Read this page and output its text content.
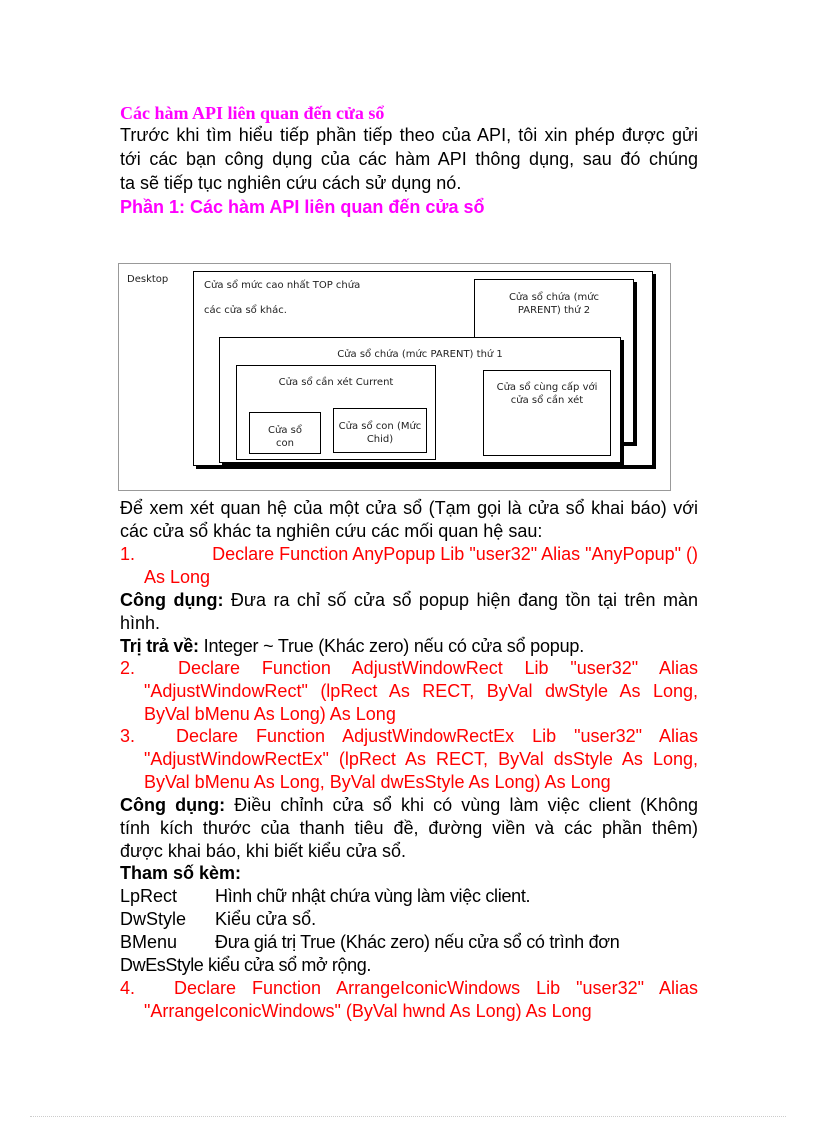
Các hàm API liên quan đến cửa sổ
Trước khi tìm hiểu tiếp phần tiếp theo của API, tôi xin phép được gửi
tới các bạn công dụng của các hàm API thông dụng, sau đó chúng
ta sẽ tiếp tục nghiên cứu cách sử dụng nó.
Phần 1: Các hàm API liên quan đến cửa sổ
Desktop
Cửa sổ mức cao nhất TOP chứa
các cửa sổ khác.
Cửa sổ chứa (mức PARENT) thứ 2
Cửa sổ chứa (mức PARENT) thứ 1
Cửa sổ cần xét Current
Cửa sổ con
Cửa sổ con (Mức Chid)
Cửa sổ cùng cấp với cửa sổ cần xét
Để xem xét quan hệ của một cửa sổ (Tạm gọi là cửa sổ khai báo) với
các cửa sổ khác ta nghiên cứu các mối quan hệ sau:
1.	Declare Function AnyPopup Lib "user32" Alias "AnyPopup" ()
As Long
Công dụng: Đưa ra chỉ số cửa sổ popup hiện đang tồn tại trên màn
hình.
Trị trả về: Integer ~ True (Khác zero) nếu có cửa sổ popup.
2. Declare Function AdjustWindowRect Lib "user32" Alias
"AdjustWindowRect" (lpRect As RECT, ByVal dwStyle As Long,
ByVal bMenu As Long) As Long
3. Declare Function AdjustWindowRectEx Lib "user32" Alias
"AdjustWindowRectEx" (lpRect As RECT, ByVal dsStyle As Long,
ByVal bMenu As Long, ByVal dwEsStyle As Long) As Long
Công dụng: Điều chỉnh cửa sổ khi có vùng làm việc client (Không
tính kích thước của thanh tiêu đề, đường viền và các phần thêm)
được khai báo, khi biết kiểu cửa sổ.
Tham số kèm:
LpRect Hình chữ nhật chứa vùng làm việc client.
DwStyle Kiểu cửa sổ.
BMenu Đưa giá trị True (Khác zero) nếu cửa sổ có trình đơn
DwEsStyle kiểu cửa sổ mở rộng.
4. Declare Function ArrangeIconicWindows Lib "user32" Alias
"ArrangeIconicWindows" (ByVal hwnd As Long) As Long
